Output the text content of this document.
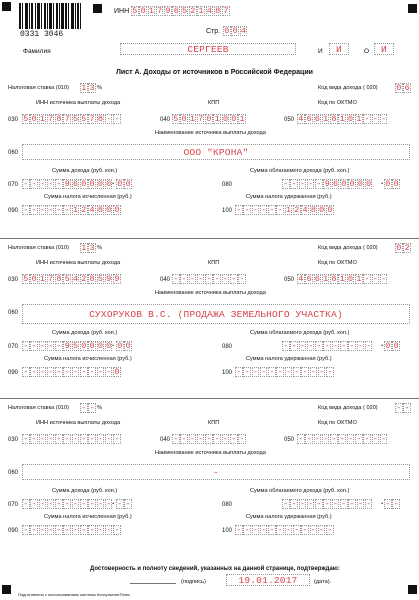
0331 3046
ИНН 5 0 1 7 9 6 5 2 1 4 8 7
Стр. 0 0 4
Фамилия	СЕРГЕЕВ	И	И	О	И
Лист А. Доходы от источников в Российской Федерации
Налоговая ставка (010) 1 3 %	Код вида дохода ( 020) 0 6
ИНН источника выплаты дохода	КПП	Код по ОКТМО
030 5 0 1 7 8 7 5 5 7 8 - -	040 5 0 1 7 0 1 0 0 1	050 4 6 6 1 8 1 0 1 - - -
Наименование источника выплаты дохода
060	ООО "КРОНА"
Сумма дохода (руб. коп.)	Сумма облагаемого дохода (руб. коп.)
070 - - - - - 9 6 0 0 0 0 . 0 0	080	- - - - - 9 6 0 0 0 0 . 0 0
Сумма налога исчисленная (руб.)	Сумма налога удержанная (руб.)
090 - - - - - - 1 2 4 8 0 0	100 - - - - - - 1 2 4 8 0 0
Налоговая ставка (010) 1 3 %	Код вида дохода ( 020) 0 2
ИНН источника выплаты дохода	КПП	Код по ОКТМО
030 5 0 1 7 8 5 4 2 8 5 9 9	040 - - - - - - - - -	050 4 6 6 1 8 1 0 1 - - -
Наименование источника выплаты дохода
060	СУХОРУКОВ В.С. (ПРОДАЖА ЗЕМЕЛЬНОГО УЧАСТКА)
Сумма дохода (руб. коп.)	Сумма облагаемого дохода (руб. коп.)
070 - - - - - 9 5 0 0 0 0 . 0 0	080	- - - - - - - - - - - . 0 0
Сумма налога исчисленная (руб.)	Сумма налога удержанная (руб.)
090 - - - - - - - - - - - 0	100 - - - - - - - - - - - -
Налоговая ставка (010) - - %	Код вида дохода ( 020) - -
ИНН источника выплаты дохода	КПП	Код по ОКТМО
030 - - - - - - - - - - - -	040 - - - - - - - - -	050 - - - - - - - - - - -
Наименование источника выплаты дохода
060	-
Сумма дохода (руб. коп.)	Сумма облагаемого дохода (руб. коп.)
070 - - - - - - - - - - - . - -	080	- - - - - - - - - - - . - -
Сумма налога исчисленная (руб.)	Сумма налога удержанная (руб.)
090 - - - - - - - - - - - -	100 - - - - - - - - - - - -
Достоверность и полноту сведений, указанных на данной странице, подтверждаю:
(подпись)	19.01.2017	(дата).
Подготовлено с использованием системы КонсультантПлюс
